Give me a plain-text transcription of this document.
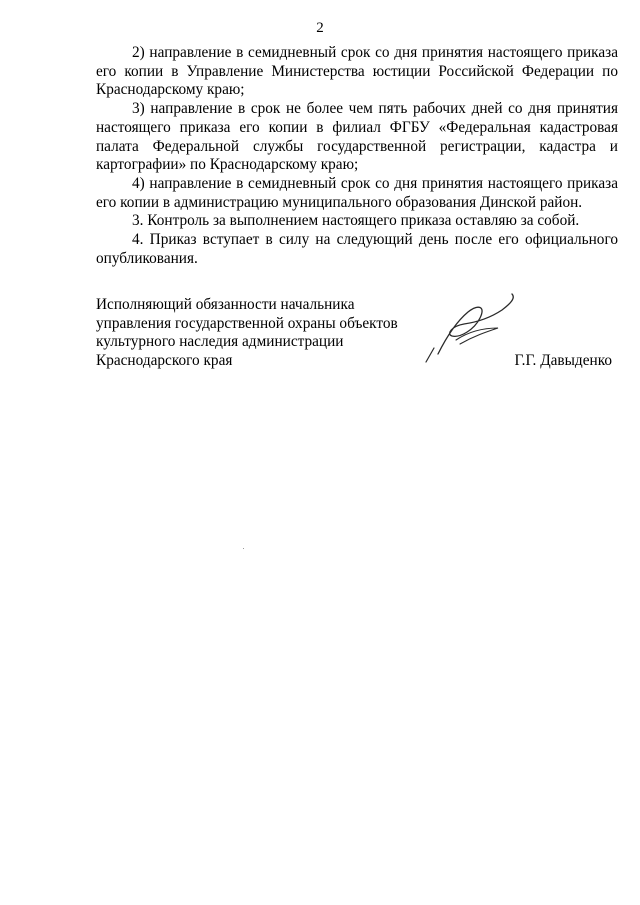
2

2) направление в семидневный срок со дня принятия настоящего приказа его копии в Управление Министерства юстиции Российской Федерации по Краснодарскому краю;

3) направление в срок не более чем пять рабочих дней со дня принятия настоящего приказа его копии в филиал ФГБУ «Федеральная кадастровая палата Федеральной службы государственной регистрации, кадастра и картографии» по Краснодарскому краю;

4) направление в семидневный срок со дня принятия настоящего приказа его копии в администрацию муниципального образования Динской район.

3. Контроль за выполнением настоящего приказа оставляю за собой.

4. Приказ вступает в силу на следующий день после его официального опубликования.

Исполняющий обязанности начальника
управления государственной охраны объектов
культурного наследия администрации
Краснодарского края	Г.Г. Давыденко
